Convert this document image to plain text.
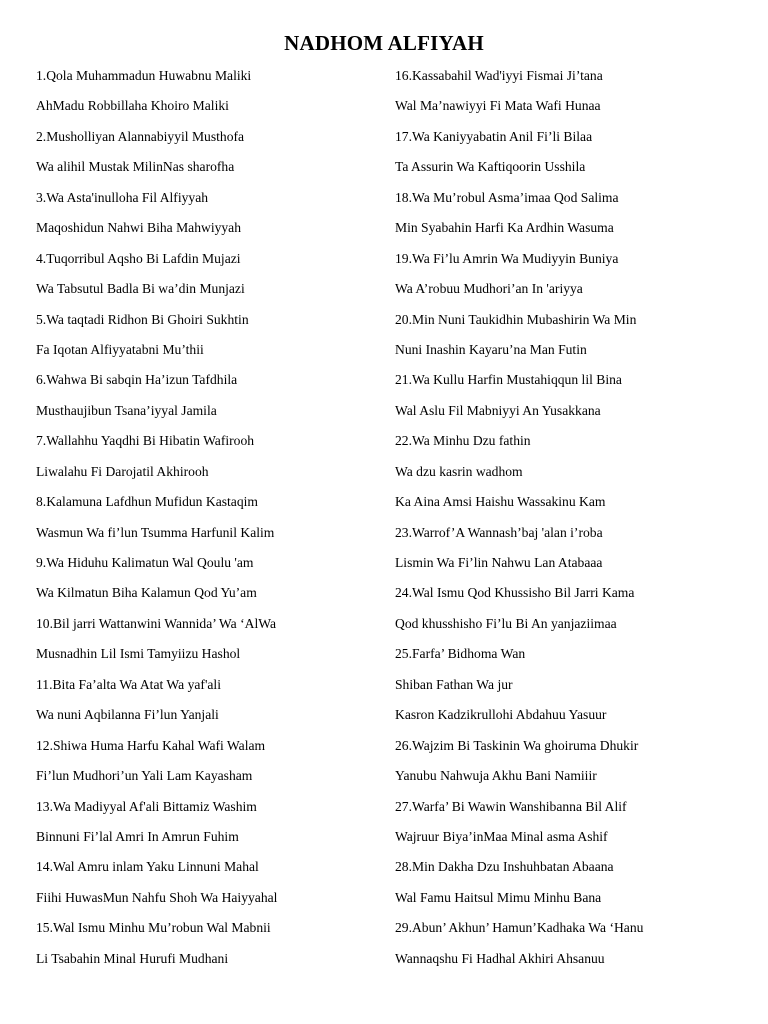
NADHOM ALFIYAH
1.Qola Muhammadun Huwabnu Maliki
AhMadu Robbillaha Khoiro Maliki
2.Musholliyan Alannabiyyil Musthofa
Wa alihil Mustak MilinNas sharofha
3.Wa Asta'inulloha Fil Alfiyyah
Maqoshidun Nahwi Biha Mahwiyyah
4.Tuqorribul Aqsho Bi Lafdin Mujazi
Wa Tabsutul Badla Bi wa’din Munjazi
5.Wa taqtadi Ridhon Bi Ghoiri Sukhtin
Fa Iqotan Alfiyyatabni Mu’thii
6.Wahwa Bi sabqin Ha’izun Tafdhila
Musthaujibun Tsana’iyyal Jamila
7.Wallahhu Yaqdhi Bi Hibatin Wafirooh
Liwalahu Fi Darojatil Akhirooh
8.Kalamuna Lafdhun Mufidun Kastaqim
Wasmun Wa fi’lun Tsumma Harfunil Kalim
9.Wa Hiduhu Kalimatun Wal Qoulu 'am
Wa Kilmatun Biha Kalamun Qod Yu’am
10.Bil jarri Wattanwini Wannida’ Wa ‘AlWa
Musnadhin Lil Ismi Tamyiizu Hashol
11.Bita Fa’alta Wa Atat Wa yaf'ali
Wa nuni Aqbilanna Fi’lun Yanjali
12.Shiwa Huma Harfu Kahal Wafi Walam
Fi’lun Mudhori’un Yali Lam Kayasham
13.Wa Madiyyal Af'ali Bittamiz Washim
Binnuni Fi’lal Amri In Amrun Fuhim
14.Wal Amru inlam Yaku Linnuni Mahal
Fiihi HuwasMun Nahfu Shoh Wa Haiyyahal
15.Wal Ismu Minhu Mu’robun Wal Mabnii
Li Tsabahin Minal Hurufi Mudhani
16.Kassabahil Wad'iyyi Fismai Ji’tana
Wal Ma’nawiyyi Fi Mata Wafi Hunaa
17.Wa Kaniyyabatin Anil Fi’li Bilaa
Ta Assurin Wa Kaftiqoorin Usshila
18.Wa Mu’robul Asma’imaa Qod Salima
Min Syabahin Harfi Ka Ardhin Wasuma
19.Wa Fi’lu Amrin Wa Mudiyyin Buniya
Wa A’robuu Mudhori’an In 'ariyya
20.Min Nuni Taukidhin Mubashirin Wa Min
Nuni Inashin Kayaru’na Man Futin
21.Wa Kullu Harfin Mustahiqqun lil Bina
Wal Aslu Fil Mabniyyi An Yusakkana
22.Wa Minhu Dzu fathin
Wa dzu kasrin wadhom
Ka Aina Amsi Haishu Wassakinu Kam
23.Warrof’A Wannash’baj 'alan i’roba
Lismin Wa Fi’lin Nahwu Lan Atabaaa
24.Wal Ismu Qod Khussisho Bil Jarri Kama
Qod khusshisho Fi’lu Bi An yanjaziimaa
25.Farfa’ Bidhoma Wan
Shiban Fathan Wa jur
Kasron Kadzikrullohi Abdahuu Yasuur
26.Wajzim Bi Taskinin Wa ghoiruma Dhukir
Yanubu Nahwuja Akhu Bani Namiiir
27.Warfa’ Bi Wawin Wanshibanna Bil Alif
Wajruur Biya’inMaa Minal asma Ashif
28.Min Dakha Dzu Inshuhbatan Abaana
Wal Famu Haitsul Mimu Minhu Bana
29.Abun’ Akhun’ Hamun’Kadhaka Wa ‘Hanu
Wannaqshu Fi Hadhal Akhiri Ahsanuu
